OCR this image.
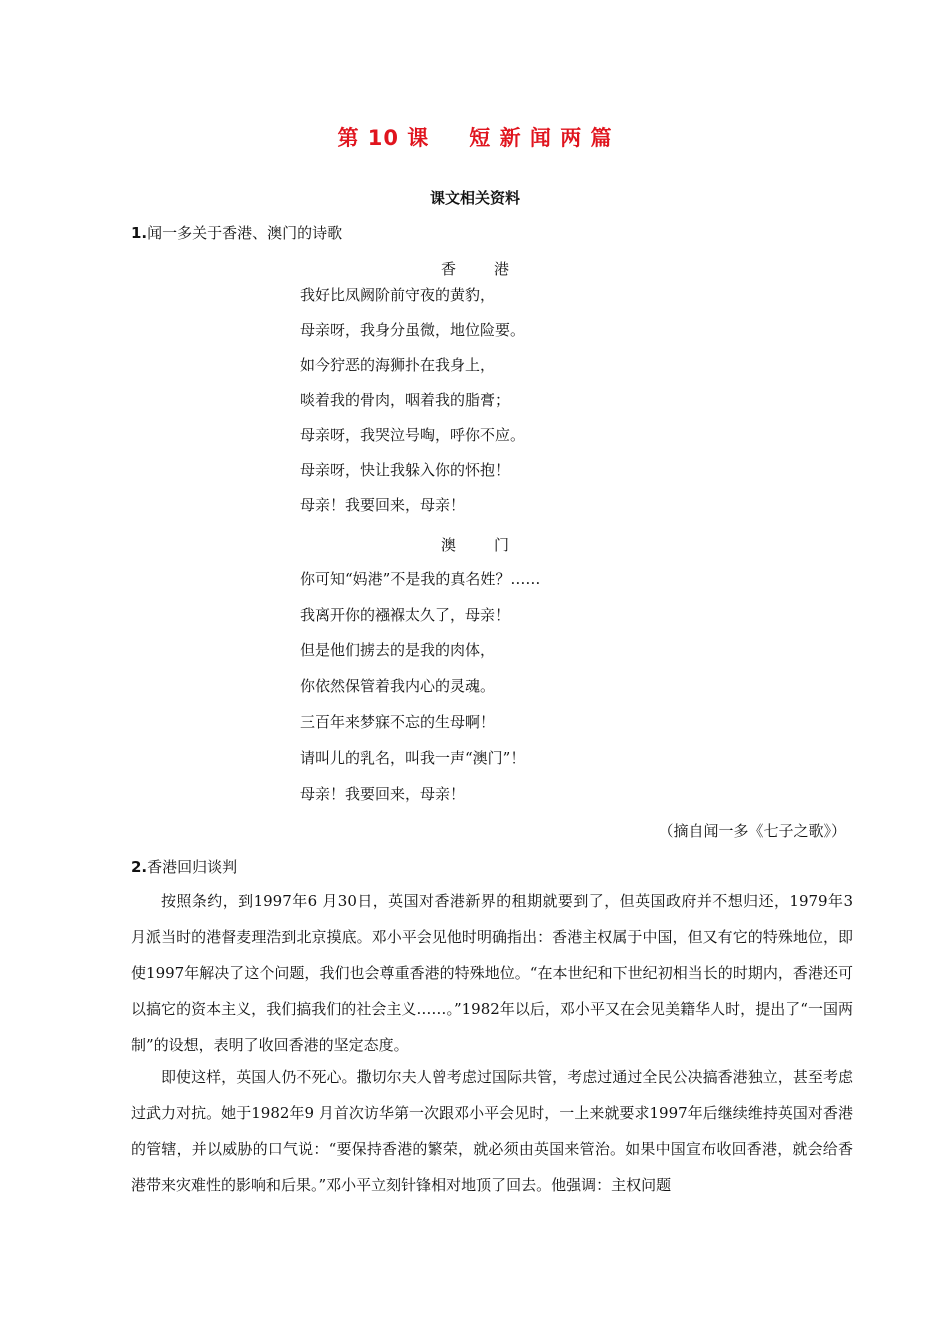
第 10 课 短 新 闻 两 篇
课文相关资料
1.闻一多关于香港、澳门的诗歌
香	港
我好比凤阙阶前守夜的黄豹，
母亲呀，我身分虽微，地位险要。
如今狞恶的海狮扑在我身上，
啖着我的骨肉，咽着我的脂膏；
母亲呀，我哭泣号啕，呼你不应。
母亲呀，快让我躲入你的怀抱！
母亲！我要回来，母亲！
澳	门
你可知“妈港”不是我的真名姓？……
我离开你的襁褓太久了，母亲！
但是他们掳去的是我的肉体，
你依然保管着我内心的灵魂。
三百年来梦寐不忘的生母啊！
请叫儿的乳名，叫我一声“澳门”！
母亲！我要回来，母亲！
（摘自闻一多《七子之歌》）
2.香港回归谈判
按照条约，到1997年6 月30日，英国对香港新界的租期就要到了，但英国政府并不想归还，1979年3 月派当时的港督麦理浩到北京摸底。邓小平会见他时明确指出：香港主权属于中国，但又有它的特殊地位，即使1997年解决了这个问题，我们也会尊重香港的特殊地位。“在本世纪和下世纪初相当长的时期内，香港还可以搞它的资本主义，我们搞我们的社会主义……。”1982年以后，邓小平又在会见美籍华人时，提出了“一国两制”的设想，表明了收回香港的坚定态度。
即使这样，英国人仍不死心。撒切尔夫人曾考虑过国际共管，考虑过通过全民公决搞香港独立，甚至考虑过武力对抗。她于1982年9 月首次访华第一次跟邓小平会见时，一上来就要求1997年后继续维持英国对香港的管辖，并以威胁的口气说：“要保持香港的繁荣，就必须由英国来管治。如果中国宣布收回香港，就会给香港带来灾难性的影响和后果。”邓小平立刻针锋相对地顶了回去。他强调：主权问题
